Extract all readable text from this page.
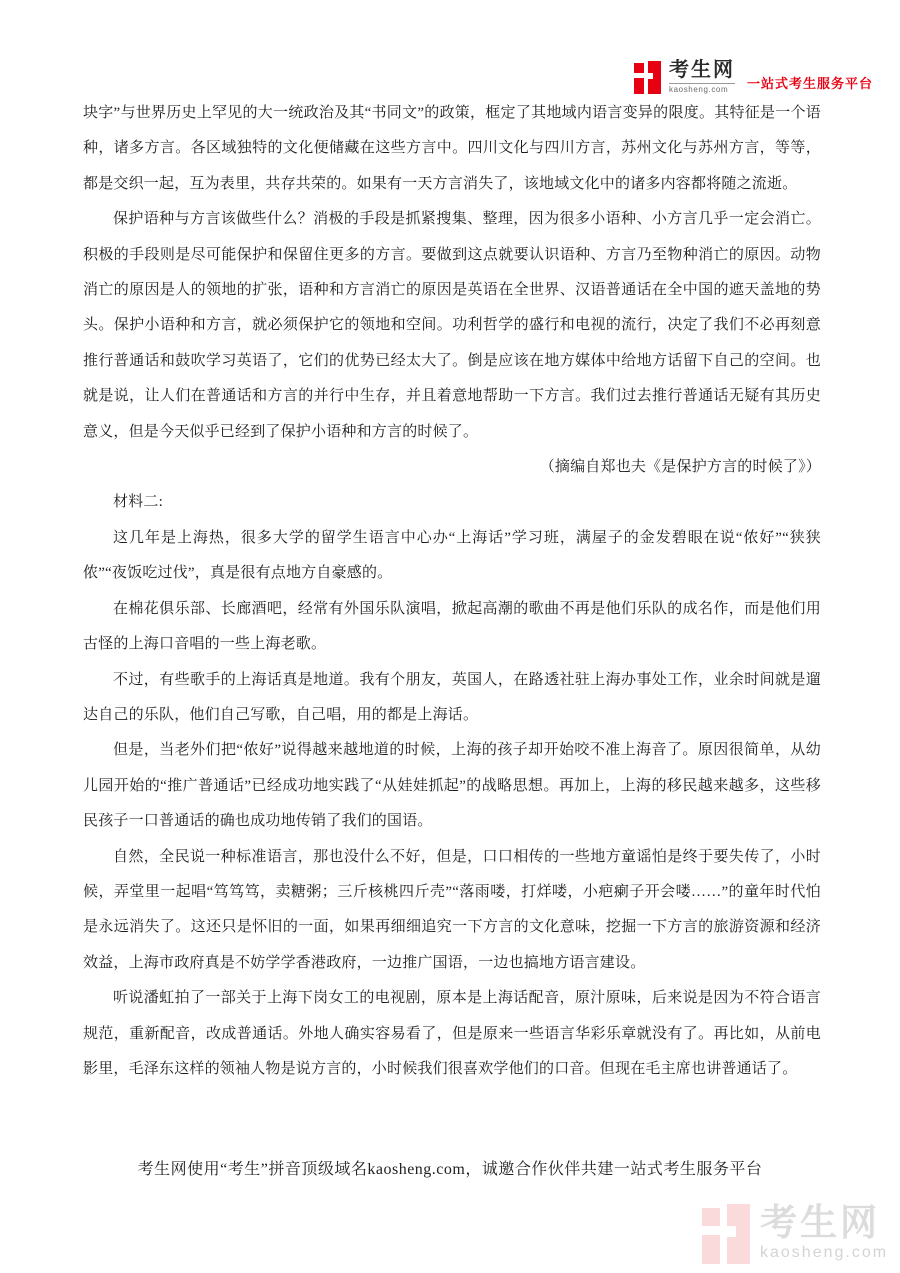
考生网
kaosheng.com	一站式考生服务平台

块字”与世界历史上罕见的大一统政治及其“书同文”的政策，框定了其地域内语言变异的限度。其特征是一个语种，诸多方言。各区域独特的文化便储藏在这些方言中。四川文化与四川方言，苏州文化与苏州方言，等等，都是交织一起，互为表里，共存共荣的。如果有一天方言消失了，该地域文化中的诸多内容都将随之流逝。

保护语种与方言该做些什么？消极的手段是抓紧搜集、整理，因为很多小语种、小方言几乎一定会消亡。积极的手段则是尽可能保护和保留住更多的方言。要做到这点就要认识语种、方言乃至物种消亡的原因。动物消亡的原因是人的领地的扩张，语种和方言消亡的原因是英语在全世界、汉语普通话在全中国的遮天盖地的势头。保护小语种和方言，就必须保护它的领地和空间。功利哲学的盛行和电视的流行，决定了我们不必再刻意推行普通话和鼓吹学习英语了，它们的优势已经太大了。倒是应该在地方媒体中给地方话留下自己的空间。也就是说，让人们在普通话和方言的并行中生存，并且着意地帮助一下方言。我们过去推行普通话无疑有其历史意义，但是今天似乎已经到了保护小语种和方言的时候了。

（摘编自郑也夫《是保护方言的时候了》）

材料二:

这几年是上海热，很多大学的留学生语言中心办“上海话”学习班，满屋子的金发碧眼在说“侬好”“狭狭侬”“夜饭吃过伐”，真是很有点地方自豪感的。

在棉花俱乐部、长廊酒吧，经常有外国乐队演唱，掀起高潮的歌曲不再是他们乐队的成名作，而是他们用古怪的上海口音唱的一些上海老歌。

不过，有些歌手的上海话真是地道。我有个朋友，英国人，在路透社驻上海办事处工作，业余时间就是遛达自己的乐队，他们自己写歌，自己唱，用的都是上海话。

但是，当老外们把“侬好”说得越来越地道的时候，上海的孩子却开始咬不准上海音了。原因很简单，从幼儿园开始的“推广普通话”已经成功地实践了“从娃娃抓起”的战略思想。再加上，上海的移民越来越多，这些移民孩子一口普通话的确也成功地传销了我们的国语。

自然，全民说一种标准语言，那也没什么不好，但是，口口相传的一些地方童谣怕是终于要失传了，小时候，弄堂里一起唱“笃笃笃，卖糖粥；三斤核桃四斤壳”“落雨喽，打烊喽，小疤瘌子开会喽……”的童年时代怕是永远消失了。这还只是怀旧的一面，如果再细细追究一下方言的文化意味，挖掘一下方言的旅游资源和经济效益，上海市政府真是不妨学学香港政府，一边推广国语，一边也搞地方语言建设。

听说潘虹拍了一部关于上海下岗女工的电视剧，原本是上海话配音，原汁原味，后来说是因为不符合语言规范，重新配音，改成普通话。外地人确实容易看了，但是原来一些语言华彩乐章就没有了。再比如，从前电影里，毛泽东这样的领袖人物是说方言的，小时候我们很喜欢学他们的口音。但现在毛主席也讲普通话了。

考生网使用“考生”拼音顶级域名kaosheng.com，诚邀合作伙伴共建一站式考生服务平台
考生网
kaosheng.com
